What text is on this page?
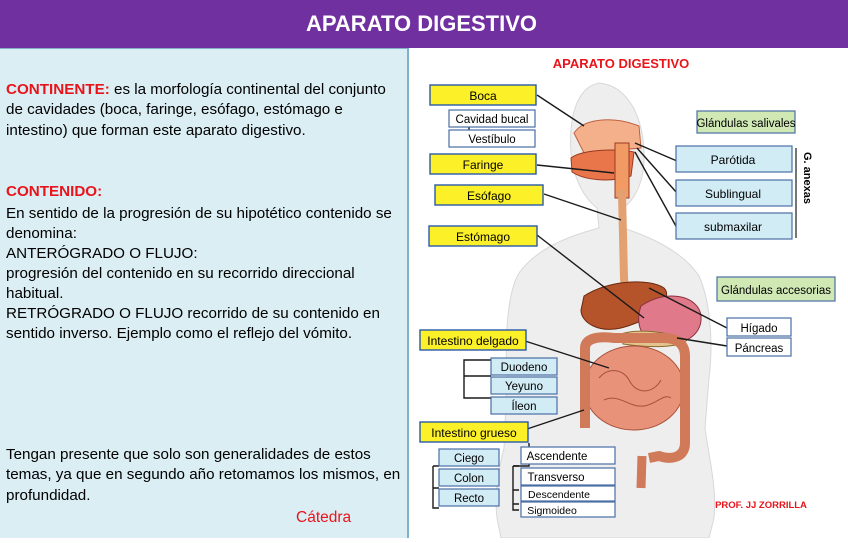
APARATO DIGESTIVO

CONTINENTE: es la morfología continental del conjunto de cavidades (boca, faringe, esófago, estómago e intestino) que forman este aparato digestivo.

CONTENIDO:

En sentido de la progresión de su hipotético contenido se denomina:

ANTERÓGRADO O FLUJO:

progresión del contenido en su recorrido direccional habitual.

RETRÓGRADO O FLUJO recorrido de su contenido en sentido inverso. Ejemplo como el reflejo del vómito.

Tengan presente que solo son generalidades de estos temas, ya que en segundo año retomamos los mismos, en profundidad.

Cátedra
APARATO DIGESTIVO
PROF. JJ ZORRILLA
Boca
Cavidad bucal
Vestíbulo
Faringe
Esófago
Estómago
Intestino delgado
Duodeno
Yeyuno
Íleon
Intestino grueso
Ciego
Colon
Recto
Ascendente
Transverso
Descendente
Sigmoideo
Glándulas salivales
Parótida
Sublingual
submaxilar
G. anexas
Glándulas accesorias
Hígado
Páncreas
